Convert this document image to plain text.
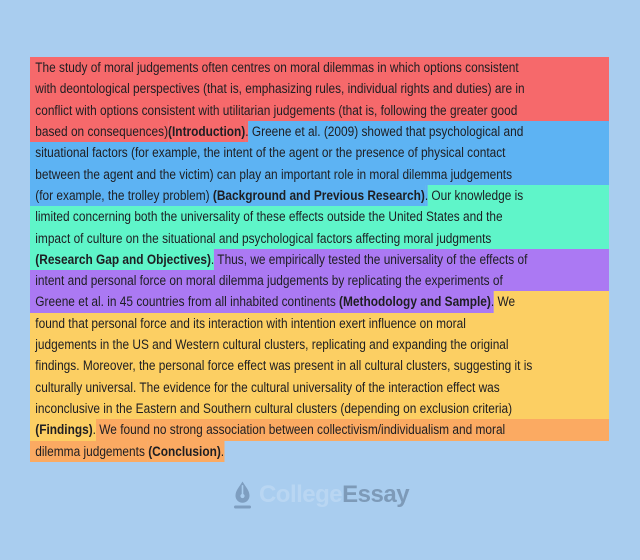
The study of moral judgements often centres on moral dilemmas in which options consistent
with deontological perspectives (that is, emphasizing rules, individual rights and duties) are in
conflict with options consistent with utilitarian judgements (that is, following the greater good
based on consequences) (Introduction) . Greene et al. (2009) showed that psychological and
situational factors (for example, the intent of the agent or the presence of physical contact
between the agent and the victim) can play an important role in moral dilemma judgements
(for example, the trolley problem) (Background and Previous Research) . Our knowledge is
limited concerning both the universality of these effects outside the United States and the
impact of culture on the situational and psychological factors affecting moral judgments
(Research Gap and Objectives) . Thus, we empirically tested the universality of the effects of
intent and personal force on moral dilemma judgements by replicating the experiments of
Greene et al. in 45 countries from all inhabited continents (Methodology and Sample) . We
found that personal force and its interaction with intention exert influence on moral
judgements in the US and Western cultural clusters, replicating and expanding the original
findings. Moreover, the personal force effect was present in all cultural clusters, suggesting it is
culturally universal. The evidence for the cultural universality of the interaction effect was
inconclusive in the Eastern and Southern cultural clusters (depending on exclusion criteria)
(Findings) . We found no strong association between collectivism/individualism and moral
dilemma judgements (Conclusion) .
College Essay
